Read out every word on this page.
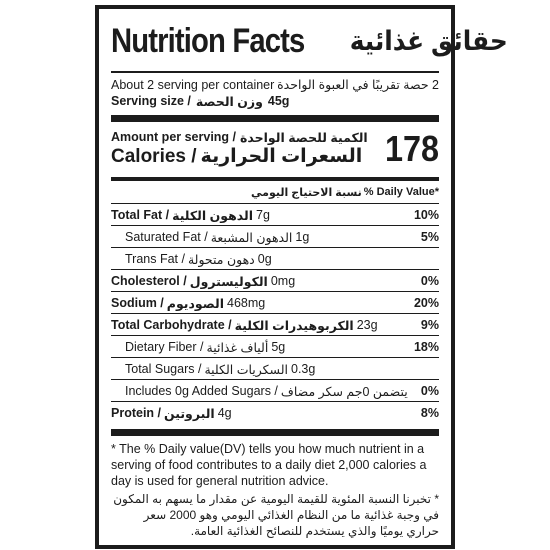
Nutrition Facts حقائق غذائية
About 2 serving per container 2 حصة تقريبًا في العبوة الواحدة
Serving size / وزن الحصة 45g
Amount per serving / الكمية للحصة الواحدة
Calories / السعرات الحرارية 178
نسبة الاحتياج اليومي % Daily Value*
Total Fat / الدهون الكلية 7g	10%
Saturated Fat / الدهون المشبعة 1g	5%
Trans Fat / دهون متحولة 0g
Cholesterol / الكوليسترول 0mg	0%
Sodium / الصوديوم 468mg	20%
Total Carbohydrate / الكربوهيدرات الكلية 23g	9%
Dietary Fiber / ألياف غذائية 5g	18%
Total Sugars / السكريات الكلية 0.3g
Includes 0g Added Sugars / يتضمن 0جم سكر مضاف 0%
Protein / البروتين 4g	8%
* The % Daily value(DV) tells you how much nutrient in a serving of food contributes to a daily diet 2,000 calories a day is used for general nutrition advice.
* تخبرنا النسبة المئوية للقيمة اليومية عن مقدار ما يسهم به المكون في وجبة غذائية ما من النظام الغذائي اليومي وهو 2000 سعر حراري يوميًا والذي يستخدم للنصائح الغذائية العامة.
